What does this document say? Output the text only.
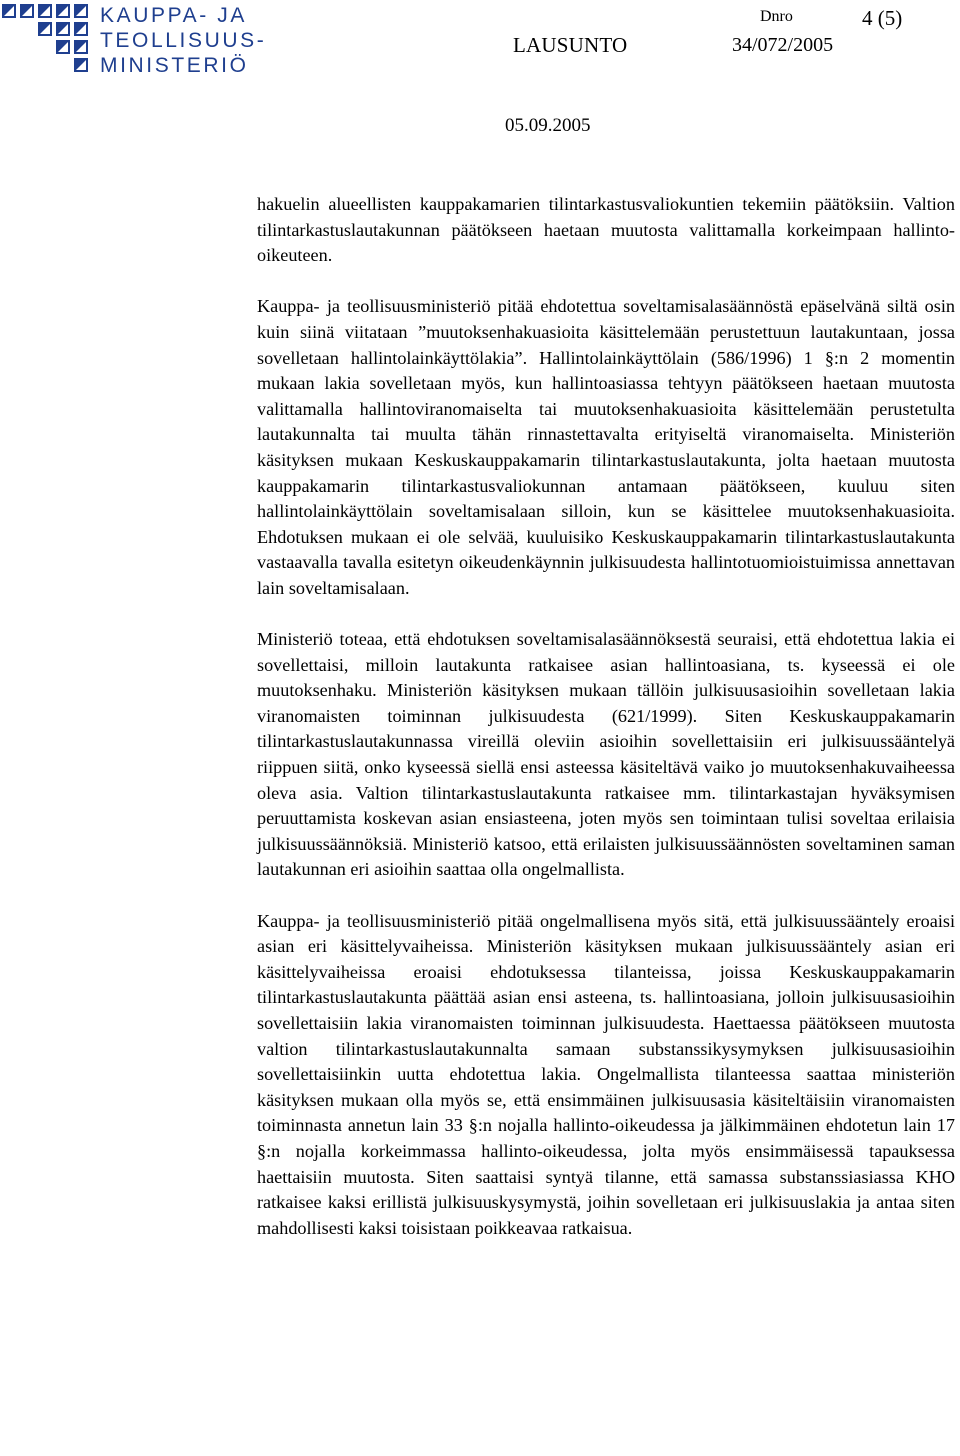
KAUPPA- JA
TEOLLISUUS-
MINISTERIÖ
Dnro	4 (5)
LAUSUNTO	34/072/2005
05.09.2005

hakuelin alueellisten kauppakamarien tilintarkastusvaliokuntien tekemiin päätöksiin. Valtion tilintarkastuslautakunnan päätökseen haetaan muutosta valittamalla korkeimpaan hallinto-oikeuteen.

Kauppa- ja teollisuusministeriö pitää ehdotettua soveltamisalasäännöstä epäselvänä siltä osin kuin siinä viitataan ”muutoksenhakuasioita käsittelemään perustettuun lautakuntaan, jossa sovelletaan hallintolainkäyttölakia”. Hallintolainkäyttölain (586/1996) 1 §:n 2 momentin mukaan lakia sovelletaan myös, kun hallintoasiassa tehtyyn päätökseen haetaan muutosta valittamalla hallintoviranomaiselta tai muutoksenhakuasioita käsittelemään perustetulta lautakunnalta tai muulta tähän rinnastettavalta erityiseltä viranomaiselta. Ministeriön käsityksen mukaan Keskuskauppakamarin tilintarkastuslautakunta, jolta haetaan muutosta kauppakamarin tilintarkastusvaliokunnan antamaan päätökseen, kuuluu siten hallintolainkäyttölain soveltamisalaan silloin, kun se käsittelee muutoksenhakuasioita. Ehdotuksen mukaan ei ole selvää, kuuluisiko Keskuskauppakamarin tilintarkastuslautakunta vastaavalla tavalla esitetyn oikeudenkäynnin julkisuudesta hallintotuomioistuimissa annettavan lain soveltamisalaan.

Ministeriö toteaa, että ehdotuksen soveltamisalasäännöksestä seuraisi, että ehdotettua lakia ei sovellettaisi, milloin lautakunta ratkaisee asian hallintoasiana, ts. kyseessä ei ole muutoksenhaku. Ministeriön käsityksen mukaan tällöin julkisuusasioihin sovelletaan lakia viranomaisten toiminnan julkisuudesta (621/1999). Siten Keskuskauppakamarin tilintarkastuslautakunnassa vireillä oleviin asioihin sovellettaisiin eri julkisuussääntelyä riippuen siitä, onko kyseessä siellä ensi asteessa käsiteltävä vaiko jo muutoksenhakuvaiheessa oleva asia. Valtion tilintarkastuslautakunta ratkaisee mm. tilintarkastajan hyväksymisen peruuttamista koskevan asian ensiasteena, joten myös sen toimintaan tulisi soveltaa erilaisia julkisuussäännöksiä. Ministeriö katsoo, että erilaisten julkisuussäännösten soveltaminen saman lautakunnan eri asioihin saattaa olla ongelmallista.

Kauppa- ja teollisuusministeriö pitää ongelmallisena myös sitä, että julkisuussääntely eroaisi asian eri käsittelyvaiheissa. Ministeriön käsityksen mukaan julkisuussääntely asian eri käsittelyvaiheissa eroaisi ehdotuksessa tilanteissa, joissa Keskuskauppakamarin tilintarkastuslautakunta päättää asian ensi asteena, ts. hallintoasiana, jolloin julkisuusasioihin sovellettaisiin lakia viranomaisten toiminnan julkisuudesta. Haettaessa päätökseen muutosta valtion tilintarkastuslautakunnalta samaan substanssikysymyksen julkisuusasioihin sovellettaisiinkin uutta ehdotettua lakia. Ongelmallista tilanteessa saattaa ministeriön käsityksen mukaan olla myös se, että ensimmäinen julkisuusasia käsiteltäisiin viranomaisten toiminnasta annetun lain 33 §:n nojalla hallinto-oikeudessa ja jälkimmäinen ehdotetun lain 17 §:n nojalla korkeimmassa hallinto-oikeudessa, jolta myös ensimmäisessä tapauksessa haettaisiin muutosta. Siten saattaisi syntyä tilanne, että samassa substanssiasiassa KHO ratkaisee kaksi erillistä julkisuuskysymystä, joihin sovelletaan eri julkisuuslakia ja antaa siten mahdollisesti kaksi toisistaan poikkeavaa ratkaisua.
